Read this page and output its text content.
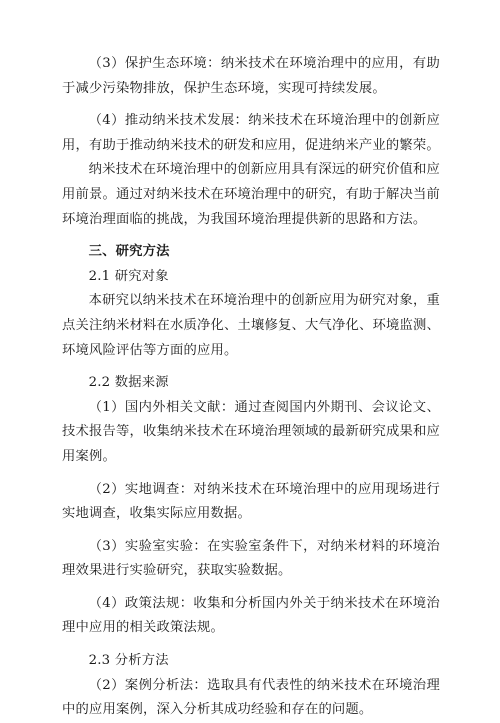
（3）保护生态环境：纳米技术在环境治理中的应用，有助于减少污染物排放，保护生态环境，实现可持续发展。

（4）推动纳米技术发展：纳米技术在环境治理中的创新应用，有助于推动纳米技术的研发和应用，促进纳米产业的繁荣。

纳米技术在环境治理中的创新应用具有深远的研究价值和应用前景。通过对纳米技术在环境治理中的研究，有助于解决当前环境治理面临的挑战，为我国环境治理提供新的思路和方法。

三、研究方法

2.1 研究对象

本研究以纳米技术在环境治理中的创新应用为研究对象，重点关注纳米材料在水质净化、土壤修复、大气净化、环境监测、环境风险评估等方面的应用。

2.2 数据来源

（1）国内外相关文献：通过查阅国内外期刊、会议论文、技术报告等，收集纳米技术在环境治理领域的最新研究成果和应用案例。

（2）实地调查：对纳米技术在环境治理中的应用现场进行实地调查，收集实际应用数据。

（3）实验室实验：在实验室条件下，对纳米材料的环境治理效果进行实验研究，获取实验数据。

（4）政策法规：收集和分析国内外关于纳米技术在环境治理中应用的相关政策法规。

2.3 分析方法

（2）案例分析法：选取具有代表性的纳米技术在环境治理中的应用案例，深入分析其成功经验和存在的问题。
